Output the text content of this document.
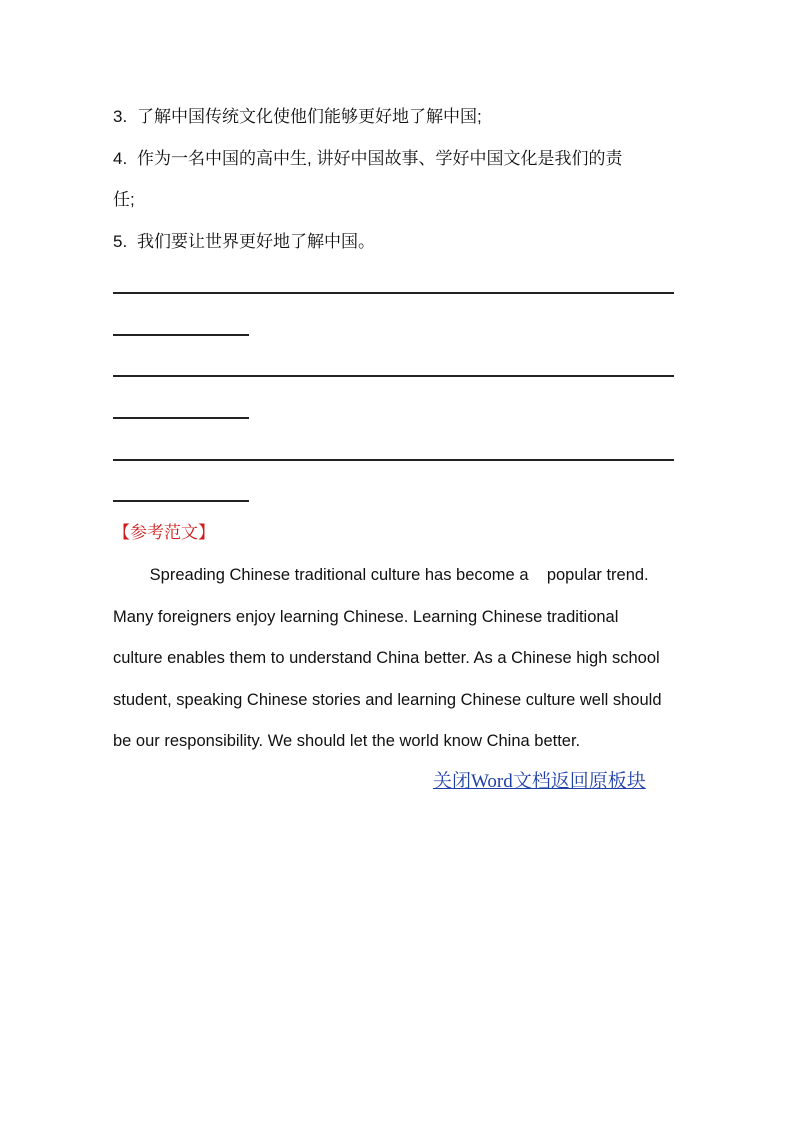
3. 了解中国传统文化使他们能够更好地了解中国;
4. 作为一名中国的高中生, 讲好中国故事、学好中国文化是我们的责
任;
5. 我们要让世界更好地了解中国。
【参考范文】
Spreading Chinese traditional culture has become a    popular trend.
Many foreigners enjoy learning Chinese. Learning Chinese traditional
culture enables them to understand China better. As a Chinese high school
student, speaking Chinese stories and learning Chinese culture well should
be our responsibility. We should let the world know China better.
关闭Word文档返回原板块
